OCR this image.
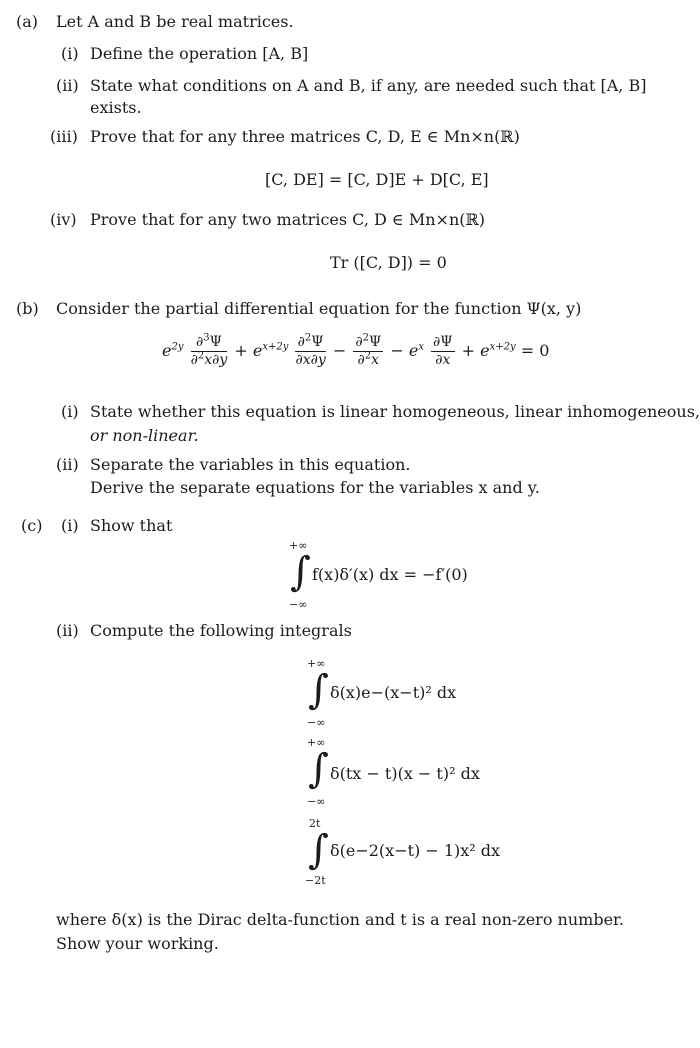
(a) Let A and B be real matrices.
(i) Define the operation [A, B]
(ii) State what conditions on A and B, if any, are needed such that [A, B]
exists.
(iii) Prove that for any three matrices C, D, E ∈ Mn×n(ℝ)
[C, DE] = [C, D]E + D[C, E]
(iv) Prove that for any two matrices C, D ∈ Mn×n(ℝ)
Tr ([C, D]) = 0
(b) Consider the partial differential equation for the function Ψ(x, y)
$e^{2y} \frac{\partial^3\Psi}{\partial^2x\partial y} + e^{x+2y} \frac{\partial^2\Psi}{\partial x\partial y} - \frac{\partial^2\Psi}{\partial^2x} - e^x \frac{\partial\Psi}{\partial x} + e^{x+2y} = 0$
(i) State whether this equation is linear homogeneous, linear inhomogeneous,
or non-linear.
(ii) Separate the variables in this equation.
Derive the separate equations for the variables x and y.
(c) (i) Show that
+∞
∫
−∞
f(x)δ′(x) dx = −f′(0)
(ii) Compute the following integrals
+∞
∫
−∞
δ(x)e−(x−t)² dx
+∞
∫
−∞
δ(tx − t)(x − t)² dx
2t
∫
−2t
δ(e−2(x−t) − 1)x² dx
where δ(x) is the Dirac delta-function and t is a real non-zero number.
Show your working.
